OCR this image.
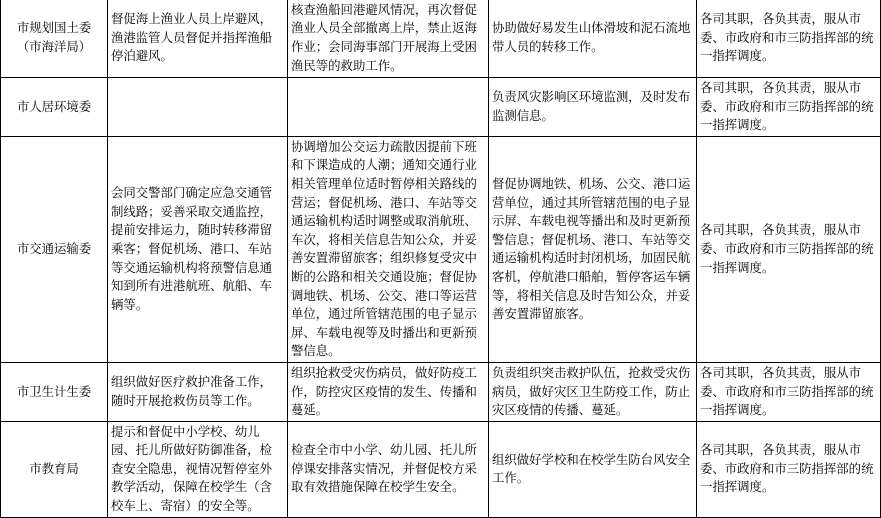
市规划国土委（市海洋局）	督促海上渔业人员上岸避风，渔港监管人员督促并指挥渔船停泊避风。	核查渔船回港避风情况，再次督促渔业人员全部撤离上岸，禁止返海作业；会同海事部门开展海上受困渔民等的救助工作。	协助做好易发生山体滑坡和泥石流地带人员的转移工作。	各司其职，各负其责，服从市委、市政府和市三防指挥部的统一指挥调度。
市人居环境委			负责风灾影响区环境监测，及时发布监测信息。	各司其职，各负其责，服从市委、市政府和市三防指挥部的统一指挥调度。
市交通运输委	会同交警部门确定应急交通管制线路；妥善采取交通监控，提前安排运力，随时转移滞留乘客；督促机场、港口、车站等交通运输机构将预警信息通知到所有进港航班、航船、车辆等。	协调增加公交运力疏散因提前下班和下课造成的人潮；通知交通行业相关管理单位适时暂停相关路线的营运；督促机场、港口、车站等交通运输机构适时调整或取消航班、车次，将相关信息告知公众，并妥善安置滞留旅客；组织修复受灾中断的公路和相关交通设施；督促协调地铁、机场、公交、港口等运营单位，通过所管辖范围的电子显示屏、车载电视等及时播出和更新预警信息。	督促协调地铁、机场、公交、港口运营单位，通过其所管辖范围的电子显示屏、车载电视等播出和及时更新预警信息；督促机场、港口、车站等交通运输机构适时封闭机场，加固民航客机，停航港口船舶，暂停客运车辆等，将相关信息及时告知公众，并妥善安置滞留旅客。	各司其职，各负其责，服从市委、市政府和市三防指挥部的统一指挥调度。
市卫生计生委	组织做好医疗救护准备工作，随时开展抢救伤员等工作。	组织抢救受灾伤病员，做好防疫工作，防控灾区疫情的发生、传播和蔓延。	负责组织突击救护队伍，抢救受灾伤病员，做好灾区卫生防疫工作，防止灾区疫情的传播、蔓延。	各司其职，各负其责，服从市委、市政府和市三防指挥部的统一指挥调度。
市教育局	提示和督促中小学校、幼儿园、托儿所做好防御准备，检查安全隐患，视情况暂停室外教学活动，保障在校学生（含校车上、寄宿）的安全等。	检查全市中小学、幼儿园、托儿所停课安排落实情况，并督促校方采取有效措施保障在校学生安全。	组织做好学校和在校学生防台风安全工作。	各司其职，各负其责，服从市委、市政府和市三防指挥部的统一指挥调度。
